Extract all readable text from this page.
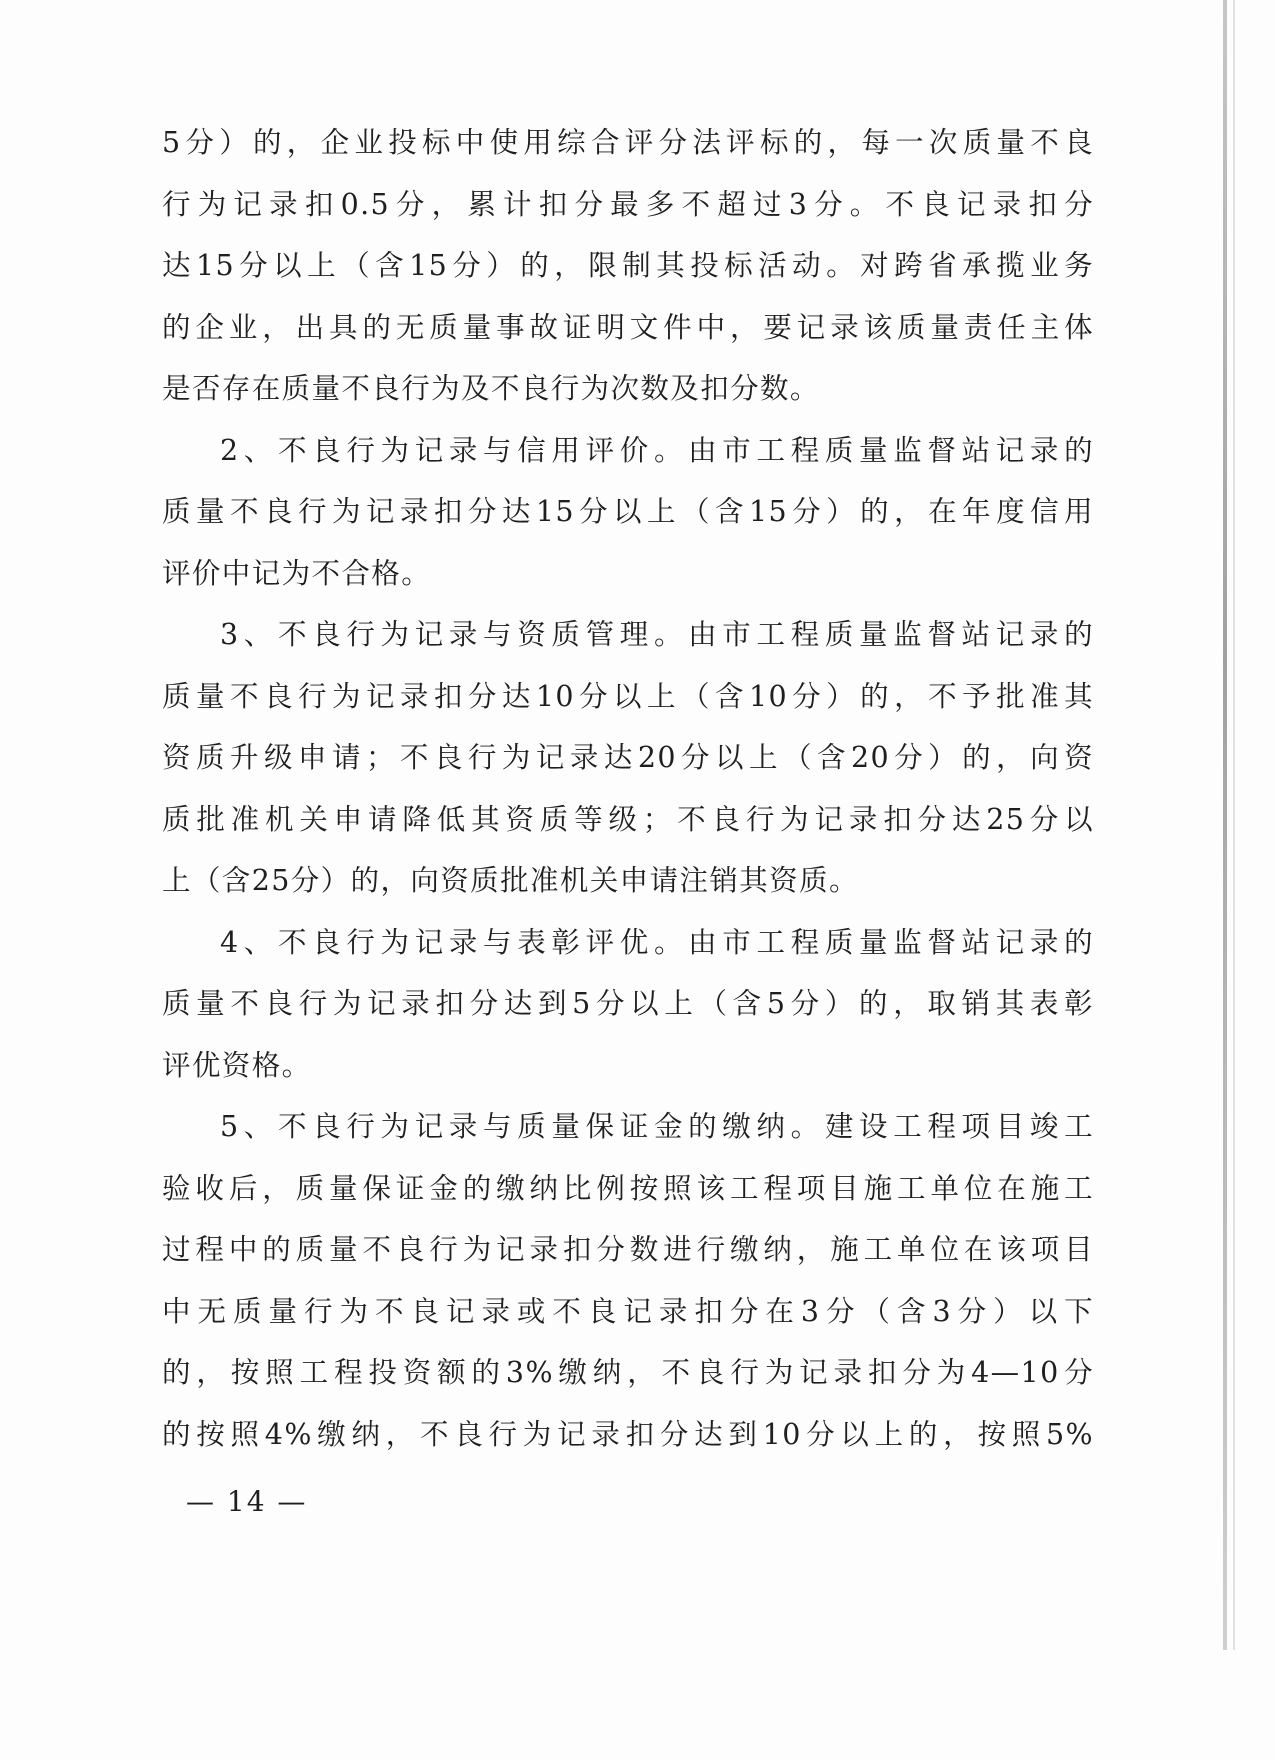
5分）的，企业投标中使用综合评分法评标的，每一次质量不良
行为记录扣0.5分，累计扣分最多不超过3分。不良记录扣分
达15分以上（含15分）的，限制其投标活动。对跨省承揽业务
的企业，出具的无质量事故证明文件中，要记录该质量责任主体
是否存在质量不良行为及不良行为次数及扣分数。
2、不良行为记录与信用评价。由市工程质量监督站记录的
质量不良行为记录扣分达15分以上（含15分）的，在年度信用
评价中记为不合格。
3、不良行为记录与资质管理。由市工程质量监督站记录的
质量不良行为记录扣分达10分以上（含10分）的，不予批准其
资质升级申请；不良行为记录达20分以上（含20分）的，向资
质批准机关申请降低其资质等级；不良行为记录扣分达25分以
上（含25分）的，向资质批准机关申请注销其资质。
4、不良行为记录与表彰评优。由市工程质量监督站记录的
质量不良行为记录扣分达到5分以上（含5分）的，取销其表彰
评优资格。
5、不良行为记录与质量保证金的缴纳。建设工程项目竣工
验收后，质量保证金的缴纳比例按照该工程项目施工单位在施工
过程中的质量不良行为记录扣分数进行缴纳，施工单位在该项目
中无质量行为不良记录或不良记录扣分在3分（含3分）以下
的，按照工程投资额的3%缴纳，不良行为记录扣分为4—10分
的按照4%缴纳，不良行为记录扣分达到10分以上的，按照5%
— 14 —
